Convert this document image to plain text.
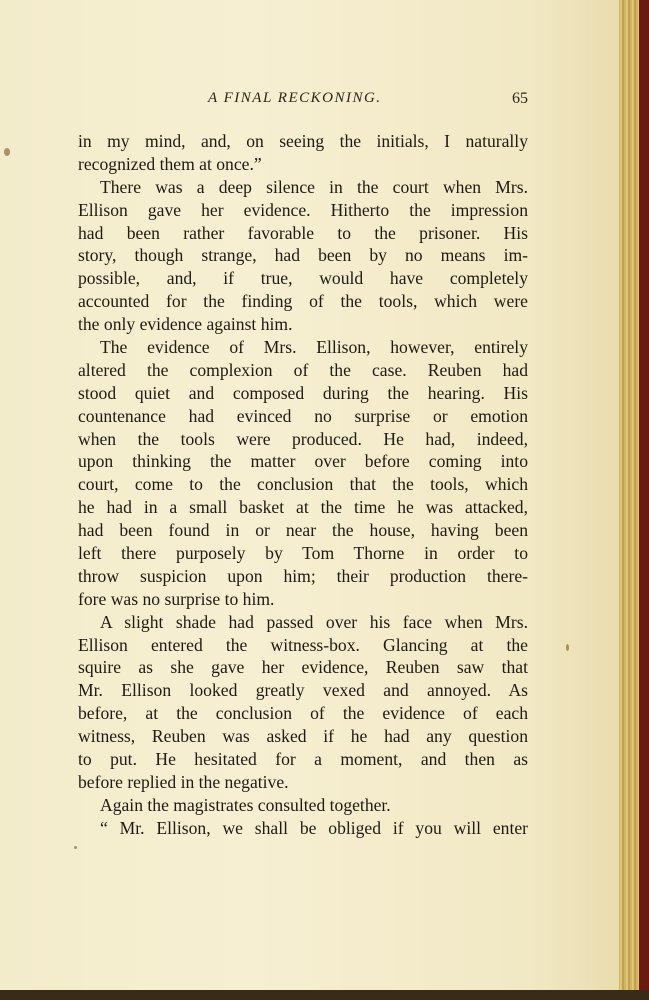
A FINAL RECKONING.	65
in my mind, and, on seeing the initials, I naturally
recognized them at once.”
There was a deep silence in the court when Mrs.
Ellison gave her evidence. Hitherto the impression
had been rather favorable to the prisoner. His
story, though strange, had been by no means im-
possible, and, if true, would have completely
accounted for the finding of the tools, which were
the only evidence against him.
The evidence of Mrs. Ellison, however, entirely
altered the complexion of the case. Reuben had
stood quiet and composed during the hearing. His
countenance had evinced no surprise or emotion
when the tools were produced. He had, indeed,
upon thinking the matter over before coming into
court, come to the conclusion that the tools, which
he had in a small basket at the time he was attacked,
had been found in or near the house, having been
left there purposely by Tom Thorne in order to
throw suspicion upon him; their production there-
fore was no surprise to him.
A slight shade had passed over his face when Mrs.
Ellison entered the witness-box. Glancing at the
squire as she gave her evidence, Reuben saw that
Mr. Ellison looked greatly vexed and annoyed. As
before, at the conclusion of the evidence of each
witness, Reuben was asked if he had any question
to put. He hesitated for a moment, and then as
before replied in the negative.
Again the magistrates consulted together.
“ Mr. Ellison, we shall be obliged if you will enter
